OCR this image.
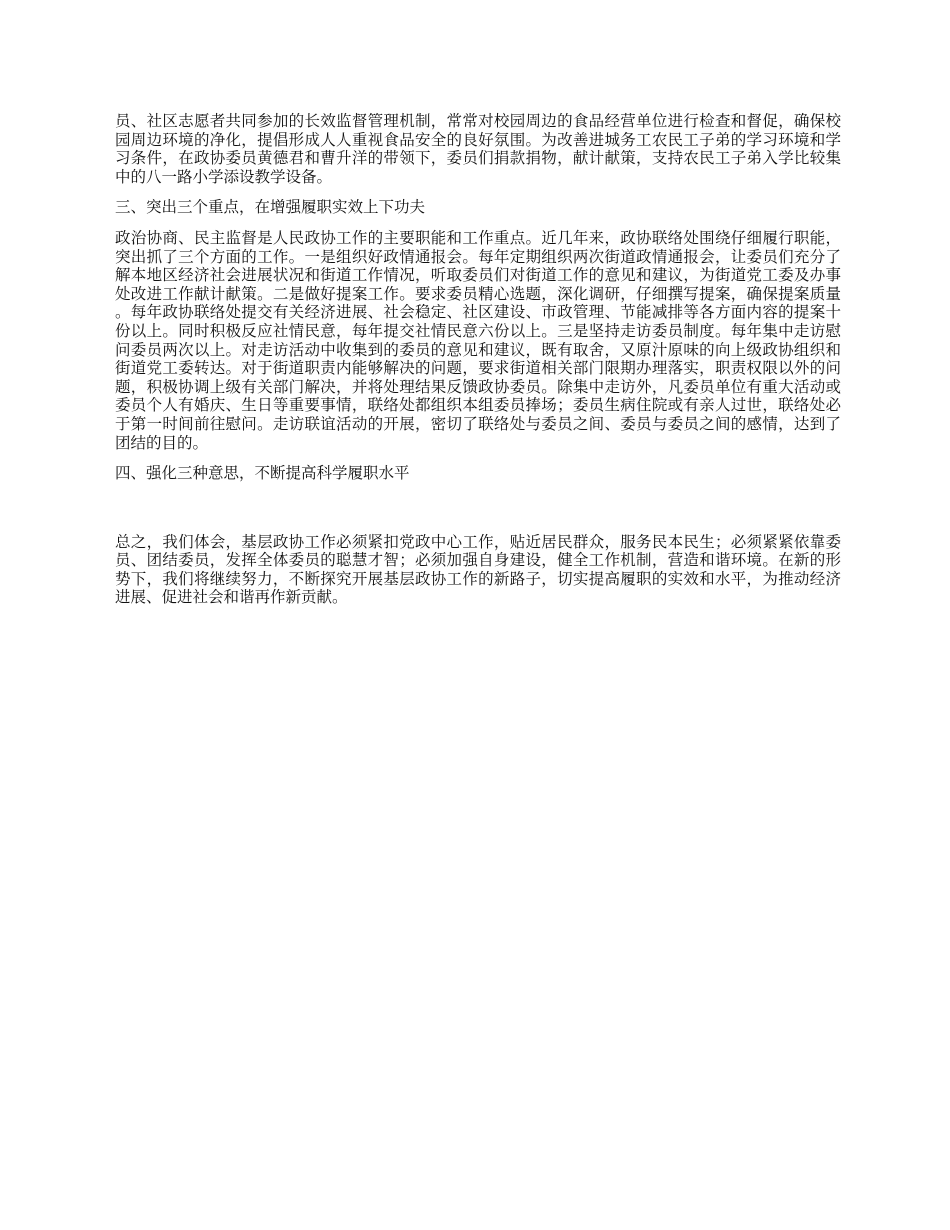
员、社区志愿者共同参加的长效监督管理机制，常常对校园周边的食品经营单位进行检查和督促，确保校园周边环境的净化，提倡形成人人重视食品安全的良好氛围。为改善进城务工农民工子弟的学习环境和学习条件，在政协委员黄德君和曹升洋的带领下，委员们捐款捐物，献计献策，支持农民工子弟入学比较集中的八一路小学添设教学设备。

三、突出三个重点，在增强履职实效上下功夫

政治协商、民主监督是人民政协工作的主要职能和工作重点。近几年来，政协联络处围绕仔细履行职能，突出抓了三个方面的工作。一是组织好政情通报会。每年定期组织两次街道政情通报会，让委员们充分了解本地区经济社会进展状况和街道工作情况，听取委员们对街道工作的意见和建议，为街道党工委及办事处改进工作献计献策。二是做好提案工作。要求委员精心选题，深化调研，仔细撰写提案，确保提案质量。每年政协联络处提交有关经济进展、社会稳定、社区建设、市政管理、节能减排等各方面内容的提案十份以上。同时积极反应社情民意，每年提交社情民意六份以上。三是坚持走访委员制度。每年集中走访慰问委员两次以上。对走访活动中收集到的委员的意见和建议，既有取舍，又原汁原味的向上级政协组织和街道党工委转达。对于街道职责内能够解决的问题，要求街道相关部门限期办理落实，职责权限以外的问题，积极协调上级有关部门解决，并将处理结果反馈政协委员。除集中走访外，凡委员单位有重大活动或委员个人有婚庆、生日等重要事情，联络处都组织本组委员捧场；委员生病住院或有亲人过世，联络处必于第一时间前往慰问。走访联谊活动的开展，密切了联络处与委员之间、委员与委员之间的感情，达到了团结的目的。

四、强化三种意思，不断提高科学履职水平

总之，我们体会，基层政协工作必须紧扣党政中心工作，贴近居民群众，服务民本民生；必须紧紧依靠委员、团结委员，发挥全体委员的聪慧才智；必须加强自身建设，健全工作机制，营造和谐环境。在新的形势下，我们将继续努力，不断探究开展基层政协工作的新路子，切实提高履职的实效和水平，为推动经济进展、促进社会和谐再作新贡献。
